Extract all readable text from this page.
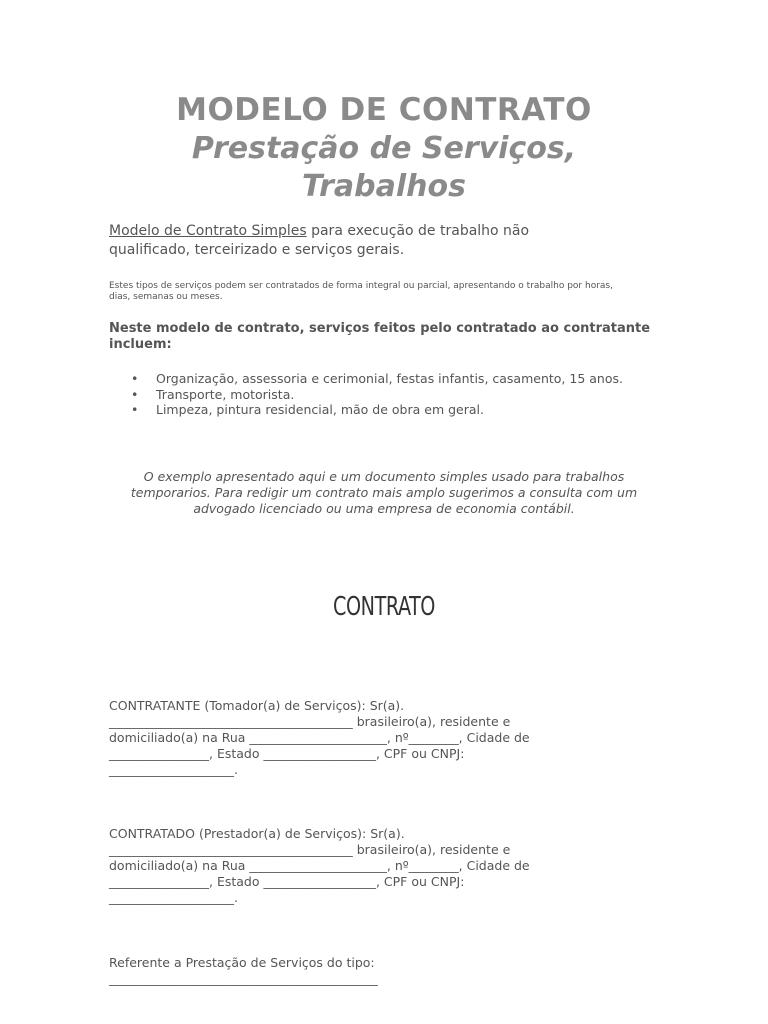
MODELO DE CONTRATO
Prestação de Serviços,
Trabalhos
Modelo de Contrato Simples para execução de trabalho não
qualificado, terceirizado e serviços gerais.
Estes tipos de serviços podem ser contratados de forma integral ou parcial, apresentando o trabalho por horas,
dias, semanas ou meses.
Neste modelo de contrato, serviços feitos pelo contratado ao contratante
incluem:
• Organização, assessoria e cerimonial, festas infantis, casamento, 15 anos.
• Transporte, motorista.
• Limpeza, pintura residencial, mão de obra em geral.
O exemplo apresentado aqui e um documento simples usado para trabalhos
temporarios. Para redigir um contrato mais amplo sugerimos a consulta com um
advogado licenciado ou uma empresa de economia contábil.
CONTRATO

CONTRATANTE (Tomador(a) de Serviços): Sr(a).

_______________________________________ brasileiro(a), residente e

domiciliado(a) na Rua ______________________, nº________, Cidade de

________________, Estado __________________, CPF ou CNPJ:

____________________.

CONTRATADO (Prestador(a) de Serviços): Sr(a).

_______________________________________ brasileiro(a), residente e

domiciliado(a) na Rua ______________________, nº________, Cidade de

________________, Estado __________________, CPF ou CNPJ:

____________________.

Referente a Prestação de Serviços do tipo:

___________________________________________
